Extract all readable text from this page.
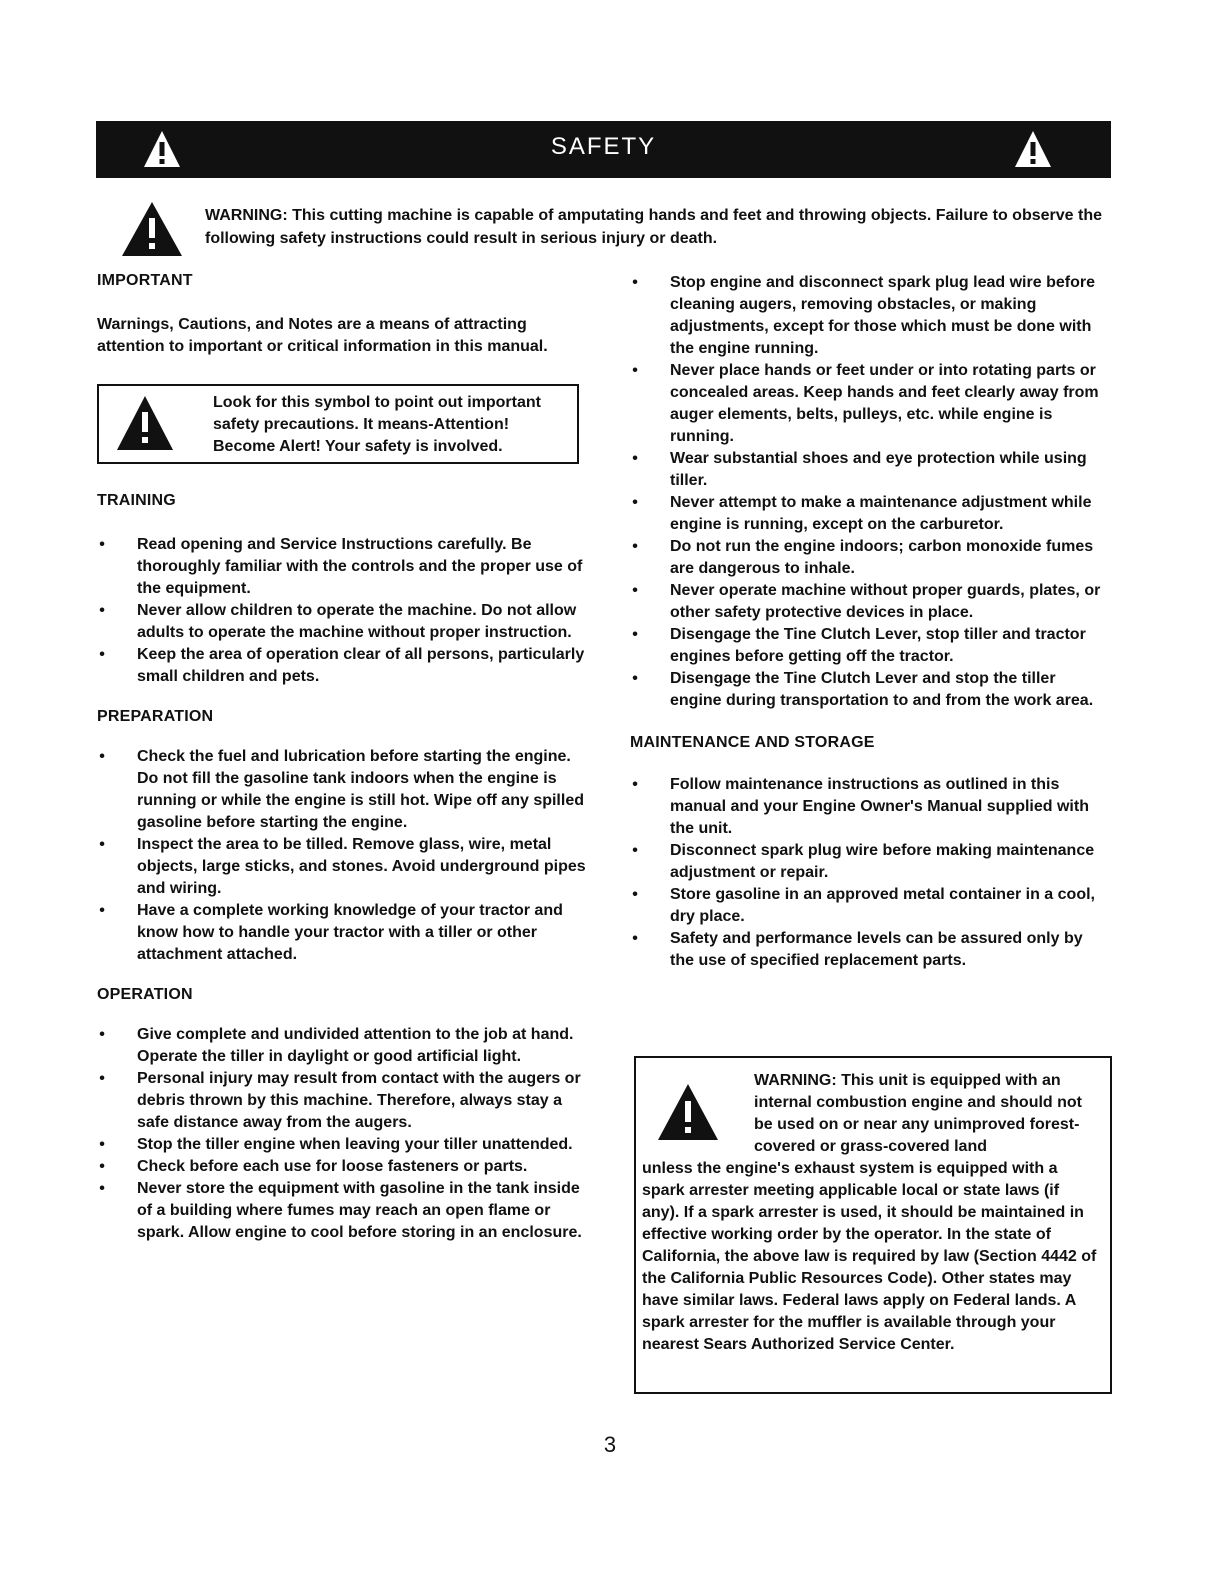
SAFETY

WARNING: This cutting machine is capable of amputating hands and feet and throwing objects. Failure to observe the following safety instructions could result in serious injury or death.

IMPORTANT

Warnings, Cautions, and Notes are a means of attracting attention to important or critical information in this manual.

Look for this symbol to point out important safety precautions. It means-Attention! Become Alert! Your safety is involved.

TRAINING
• Read opening and Service Instructions carefully. Be thoroughly familiar with the controls and the proper use of the equipment.
• Never allow children to operate the machine. Do not allow adults to operate the machine without proper instruction.
• Keep the area of operation clear of all persons, particularly small children and pets.
PREPARATION
• Check the fuel and lubrication before starting the engine. Do not fill the gasoline tank indoors when the engine is running or while the engine is still hot. Wipe off any spilled gasoline before starting the engine.
• Inspect the area to be tilled. Remove glass, wire, metal objects, large sticks, and stones. Avoid underground pipes and wiring.
• Have a complete working knowledge of your tractor and know how to handle your tractor with a tiller or other attachment attached.
OPERATION
• Give complete and undivided attention to the job at hand. Operate the tiller in daylight or good artificial light.
• Personal injury may result from contact with the augers or debris thrown by this machine. Therefore, always stay a safe distance away from the augers.
• Stop the tiller engine when leaving your tiller unattended.
• Check before each use for loose fasteners or parts.
• Never store the equipment with gasoline in the tank inside of a building where fumes may reach an open flame or spark. Allow engine to cool before storing in an enclosure.
• Stop engine and disconnect spark plug lead wire before cleaning augers, removing obstacles, or making adjustments, except for those which must be done with the engine running.
• Never place hands or feet under or into rotating parts or concealed areas. Keep hands and feet clearly away from auger elements, belts, pulleys, etc. while engine is running.
• Wear substantial shoes and eye protection while using tiller.
• Never attempt to make a maintenance adjustment while engine is running, except on the carburetor.
• Do not run the engine indoors; carbon monoxide fumes are dangerous to inhale.
• Never operate machine without proper guards, plates, or other safety protective devices in place.
• Disengage the Tine Clutch Lever, stop tiller and tractor engines before getting off the tractor.
• Disengage the Tine Clutch Lever and stop the tiller engine during transportation to and from the work area.
MAINTENANCE AND STORAGE
• Follow maintenance instructions as outlined in this manual and your Engine Owner's Manual supplied with the unit.
• Disconnect spark plug wire before making maintenance adjustment or repair.
• Store gasoline in an approved metal container in a cool, dry place.
• Safety and performance levels can be assured only by the use of specified replacement parts.

WARNING: This unit is equipped with an internal combustion engine and should not be used on or near any unimproved forest-covered or grass-covered land
unless the engine's exhaust system is equipped with a spark arrester meeting applicable local or state laws (if any). If a spark arrester is used, it should be maintained in effective working order by the operator. In the state of California, the above law is required by law (Section 4442 of the California Public Resources Code). Other states may have similar laws. Federal laws apply on Federal lands. A spark arrester for the muffler is available through your nearest Sears Authorized Service Center.

3
